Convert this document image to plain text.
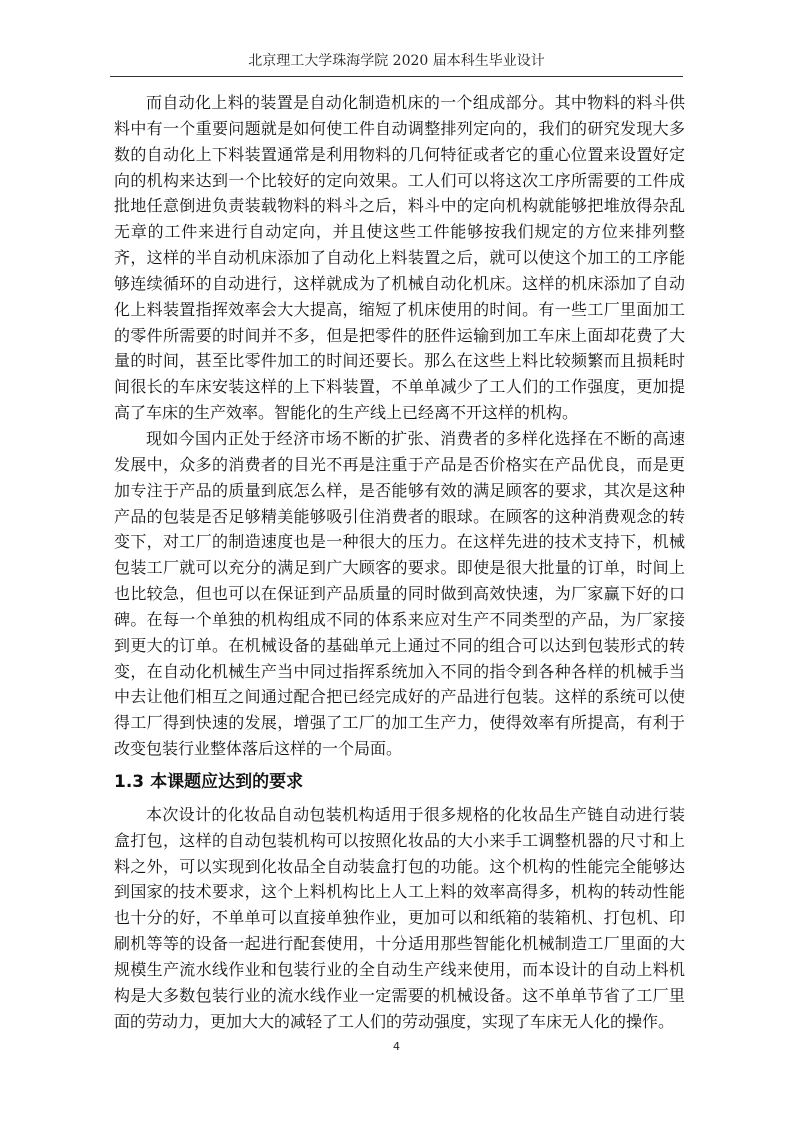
北京理工大学珠海学院 2020 届本科生毕业设计

而自动化上料的装置是自动化制造机床的一个组成部分。其中物料的料斗供料中有一个重要问题就是如何使工件自动调整排列定向的，我们的研究发现大多数的自动化上下料装置通常是利用物料的几何特征或者它的重心位置来设置好定向的机构来达到一个比较好的定向效果。工人们可以将这次工序所需要的工件成批地任意倒进负责装载物料的料斗之后，料斗中的定向机构就能够把堆放得杂乱无章的工件来进行自动定向，并且使这些工件能够按我们规定的方位来排列整齐，这样的半自动机床添加了自动化上料装置之后，就可以使这个加工的工序能够连续循环的自动进行，这样就成为了机械自动化机床。这样的机床添加了自动化上料装置指挥效率会大大提高，缩短了机床使用的时间。有一些工厂里面加工的零件所需要的时间并不多，但是把零件的胚件运输到加工车床上面却花费了大量的时间，甚至比零件加工的时间还要长。那么在这些上料比较频繁而且损耗时间很长的车床安装这样的上下料装置，不单单减少了工人们的工作强度，更加提高了车床的生产效率。智能化的生产线上已经离不开这样的机构。

现如今国内正处于经济市场不断的扩张、消费者的多样化选择在不断的高速发展中，众多的消费者的目光不再是注重于产品是否价格实在产品优良，而是更加专注于产品的质量到底怎么样，是否能够有效的满足顾客的要求，其次是这种产品的包装是否足够精美能够吸引住消费者的眼球。在顾客的这种消费观念的转变下，对工厂的制造速度也是一种很大的压力。在这样先进的技术支持下，机械包装工厂就可以充分的满足到广大顾客的要求。即使是很大批量的订单，时间上也比较急，但也可以在保证到产品质量的同时做到高效快速，为厂家赢下好的口碑。在每一个单独的机构组成不同的体系来应对生产不同类型的产品，为厂家接到更大的订单。在机械设备的基础单元上通过不同的组合可以达到包装形式的转变，在自动化机械生产当中同过指挥系统加入不同的指令到各种各样的机械手当中去让他们相互之间通过配合把已经完成好的产品进行包装。这样的系统可以使得工厂得到快速的发展，增强了工厂的加工生产力，使得效率有所提高，有利于改变包装行业整体落后这样的一个局面。

1.3 本课题应达到的要求

本次设计的化妆品自动包装机构适用于很多规格的化妆品生产链自动进行装盒打包，这样的自动包装机构可以按照化妆品的大小来手工调整机器的尺寸和上料之外，可以实现到化妆品全自动装盒打包的功能。这个机构的性能完全能够达到国家的技术要求，这个上料机构比上人工上料的效率高得多，机构的转动性能也十分的好，不单单可以直接单独作业，更加可以和纸箱的装箱机、打包机、印刷机等等的设备一起进行配套使用，十分适用那些智能化机械制造工厂里面的大规模生产流水线作业和包装行业的全自动生产线来使用，而本设计的自动上料机构是大多数包装行业的流水线作业一定需要的机械设备。这不单单节省了工厂里面的劳动力，更加大大的减轻了工人们的劳动强度，实现了车床无人化的操作。

4
